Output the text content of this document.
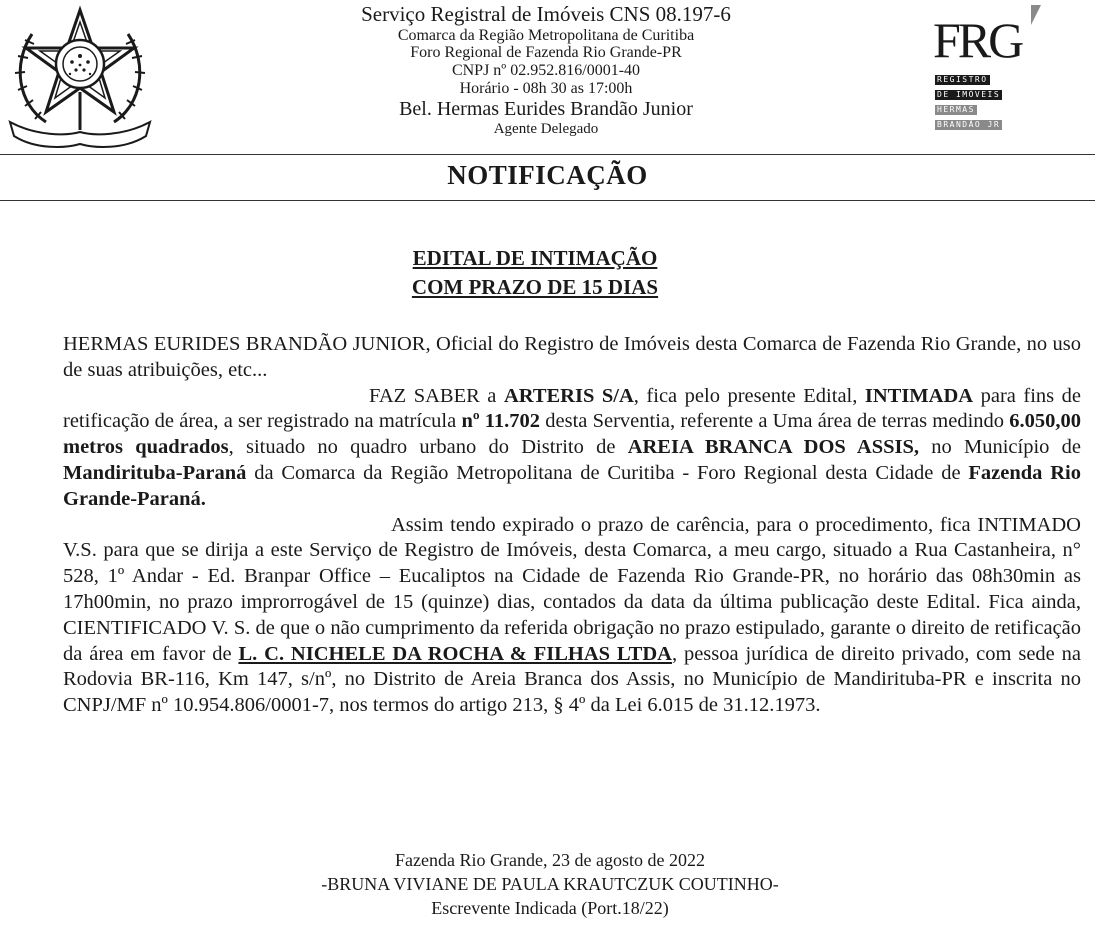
Serviço Registral de Imóveis CNS 08.197-6
Comarca da Região Metropolitana de Curitiba
Foro Regional de Fazenda Rio Grande-PR
CNPJ nº 02.952.816/0001-40
Horário - 08h 30 as 17:00h
Bel. Hermas Eurides Brandão Junior
Agente Delegado
FRG
REGISTRO
DE IMÓVEIS
HERMAS
BRANDÃO JR
NOTIFICAÇÃO
EDITAL DE INTIMAÇÃO
COM PRAZO DE 15 DIAS

HERMAS EURIDES BRANDÃO JUNIOR, Oficial do Registro de Imóveis desta Comarca de Fazenda Rio Grande, no uso de suas atribuições, etc...

FAZ SABER a ARTERIS S/A, fica pelo presente Edital, INTIMADA para fins de retificação de área, a ser registrado na matrícula nº 11.702 desta Serventia, referente a Uma área de terras medindo 6.050,00 metros quadrados, situado no quadro urbano do Distrito de AREIA BRANCA DOS ASSIS, no Município de Mandirituba-Paraná da Comarca da Região Metropolitana de Curitiba - Foro Regional desta Cidade de Fazenda Rio Grande-Paraná.

Assim tendo expirado o prazo de carência, para o procedimento, fica INTIMADO V.S. para que se dirija a este Serviço de Registro de Imóveis, desta Comarca, a meu cargo, situado a Rua Castanheira, n° 528, 1º Andar - Ed. Branpar Office – Eucaliptos na Cidade de Fazenda Rio Grande-PR, no horário das 08h30min as 17h00min, no prazo improrrogável de 15 (quinze) dias, contados da data da última publicação deste Edital. Fica ainda, CIENTIFICADO V. S. de que o não cumprimento da referida obrigação no prazo estipulado, garante o direito de retificação da área em favor de L. C. NICHELE DA ROCHA & FILHAS LTDA, pessoa jurídica de direito privado, com sede na Rodovia BR-116, Km 147, s/nº, no Distrito de Areia Branca dos Assis, no Município de Mandirituba-PR e inscrita no CNPJ/MF nº 10.954.806/0001-7, nos termos do artigo 213, § 4º da Lei 6.015 de 31.12.1973.

Fazenda Rio Grande, 23 de agosto de 2022
-BRUNA VIVIANE DE PAULA KRAUTCZUK COUTINHO-
Escrevente Indicada (Port.18/22)
